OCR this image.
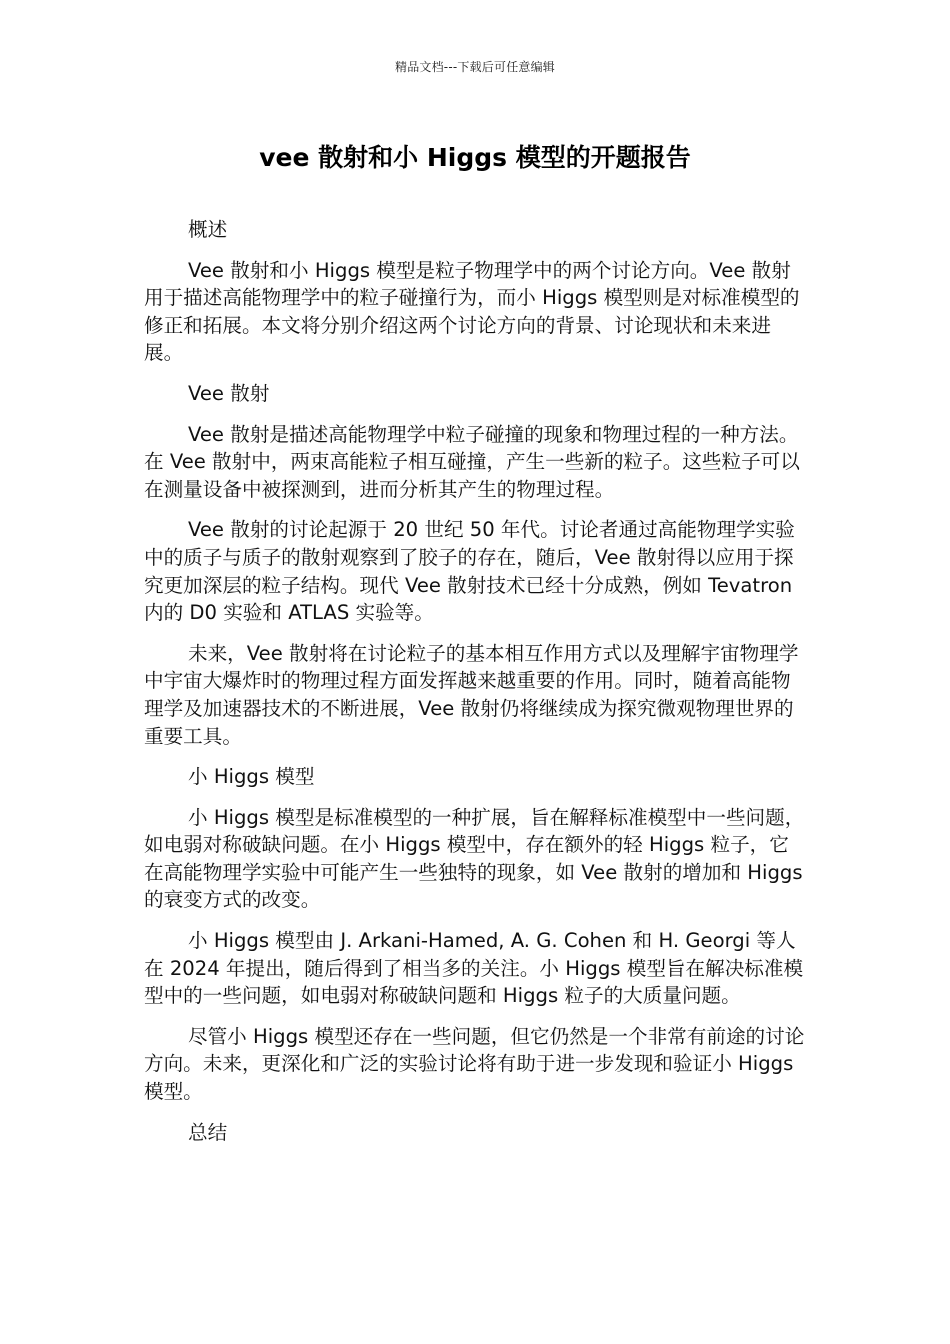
精品文档---下载后可任意编辑
vee 散射和小 Higgs 模型的开题报告

概述

Vee 散射和小 Higgs 模型是粒子物理学中的两个讨论方向。Vee 散射用于描述高能物理学中的粒子碰撞行为，而小 Higgs 模型则是对标准模型的修正和拓展。本文将分别介绍这两个讨论方向的背景、讨论现状和未来进展。

Vee 散射

Vee 散射是描述高能物理学中粒子碰撞的现象和物理过程的一种方法。在 Vee 散射中，两束高能粒子相互碰撞，产生一些新的粒子。这些粒子可以在测量设备中被探测到，进而分析其产生的物理过程。

Vee 散射的讨论起源于 20 世纪 50 年代。讨论者通过高能物理学实验中的质子与质子的散射观察到了胶子的存在，随后，Vee 散射得以应用于探究更加深层的粒子结构。现代 Vee 散射技术已经十分成熟，例如 Tevatron 内的 D0 实验和 ATLAS 实验等。

未来，Vee 散射将在讨论粒子的基本相互作用方式以及理解宇宙物理学中宇宙大爆炸时的物理过程方面发挥越来越重要的作用。同时，随着高能物理学及加速器技术的不断进展，Vee 散射仍将继续成为探究微观物理世界的重要工具。

小 Higgs 模型

小 Higgs 模型是标准模型的一种扩展，旨在解释标准模型中一些问题，如电弱对称破缺问题。在小 Higgs 模型中，存在额外的轻 Higgs 粒子，它在高能物理学实验中可能产生一些独特的现象，如 Vee 散射的增加和 Higgs 的衰变方式的改变。

小 Higgs 模型由 J. Arkani-Hamed, A. G. Cohen 和 H. Georgi 等人在 2024 年提出，随后得到了相当多的关注。小 Higgs 模型旨在解决标准模型中的一些问题，如电弱对称破缺问题和 Higgs 粒子的大质量问题。

尽管小 Higgs 模型还存在一些问题，但它仍然是一个非常有前途的讨论方向。未来，更深化和广泛的实验讨论将有助于进一步发现和验证小 Higgs 模型。

总结
